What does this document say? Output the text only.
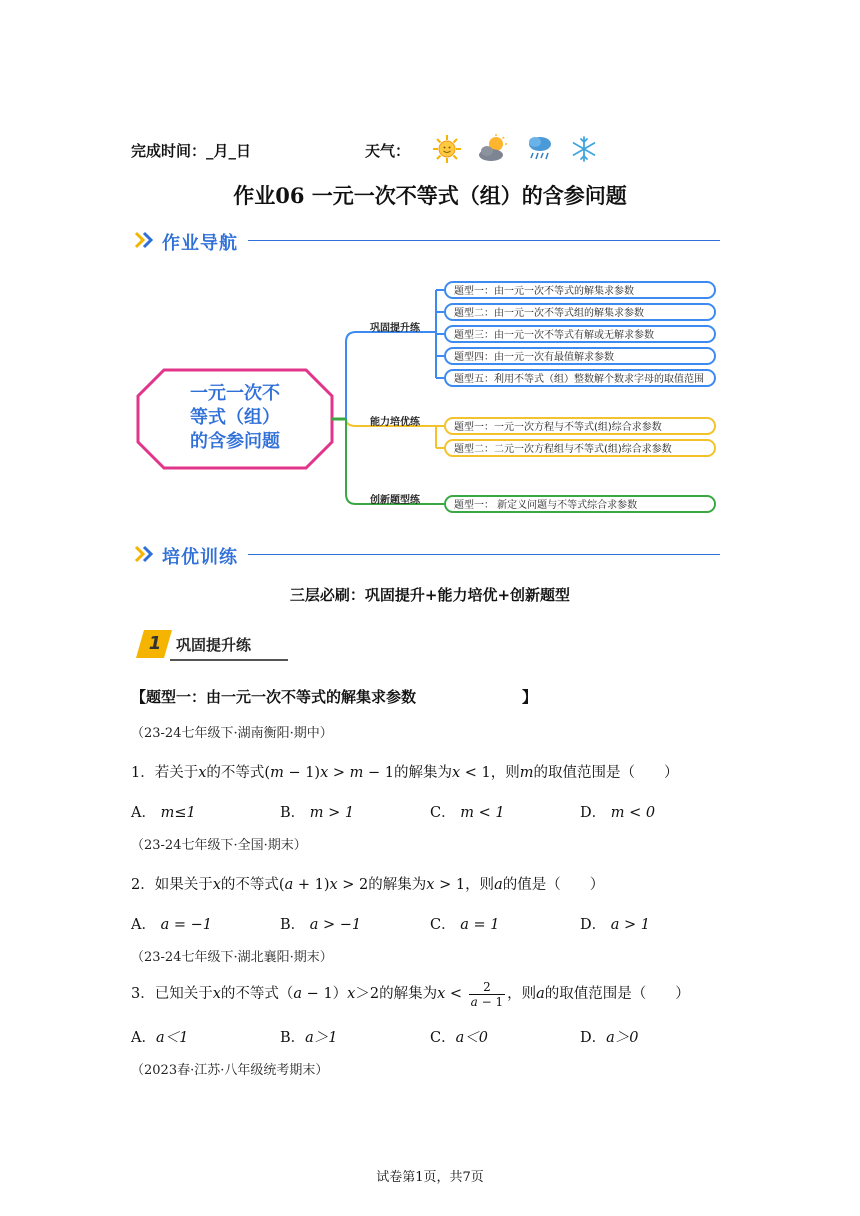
完成时间：_月_日	天气：
作业06 一元一次不等式（组）的含参问题
作业导航
一元一次不
等式（组）
的含参问题
巩固提升练
能力培优练
创新题型练
题型一：由一元一次不等式的解集求参数
题型二：由一元一次不等式组的解集求参数
题型三：由一元一次不等式有解或无解求参数
题型四：由一元一次有最值解求参数
题型五：利用不等式（组）整数解个数求字母的取值范围
题型一：一元一次方程与不等式(组)综合求参数
题型二：二元一次方程组与不等式(组)综合求参数
题型一： 新定义问题与不等式综合求参数
培优训练
三层必刷：巩固提升+能力培优+创新题型
1 巩固提升练
【题型一：由一元一次不等式的解集求参数	】
（23-24七年级下·湖南衡阳·期中）
1．若关于x的不等式(m − 1)x > m − 1的解集为x < 1，则m的取值范围是（　　）
A． m≤1	B． m > 1	C． m < 1	D． m < 0
（23-24七年级下·全国·期末）
2．如果关于x的不等式(a + 1)x > 2的解集为x > 1，则a的值是（　　）
A． a = −1	B． a > −1	C． a = 1	D． a > 1
（23-24七年级下·湖北襄阳·期末）
3．已知关于x的不等式（a − 1）x＞2的解集为$x < \frac{2}{a - 1}$ ，则a的取值范围是（　　）
A．a＜1	B．a＞1	C．a＜0	D．a＞0
（2023春·江苏·八年级统考期末）
试卷第1页，共7页
